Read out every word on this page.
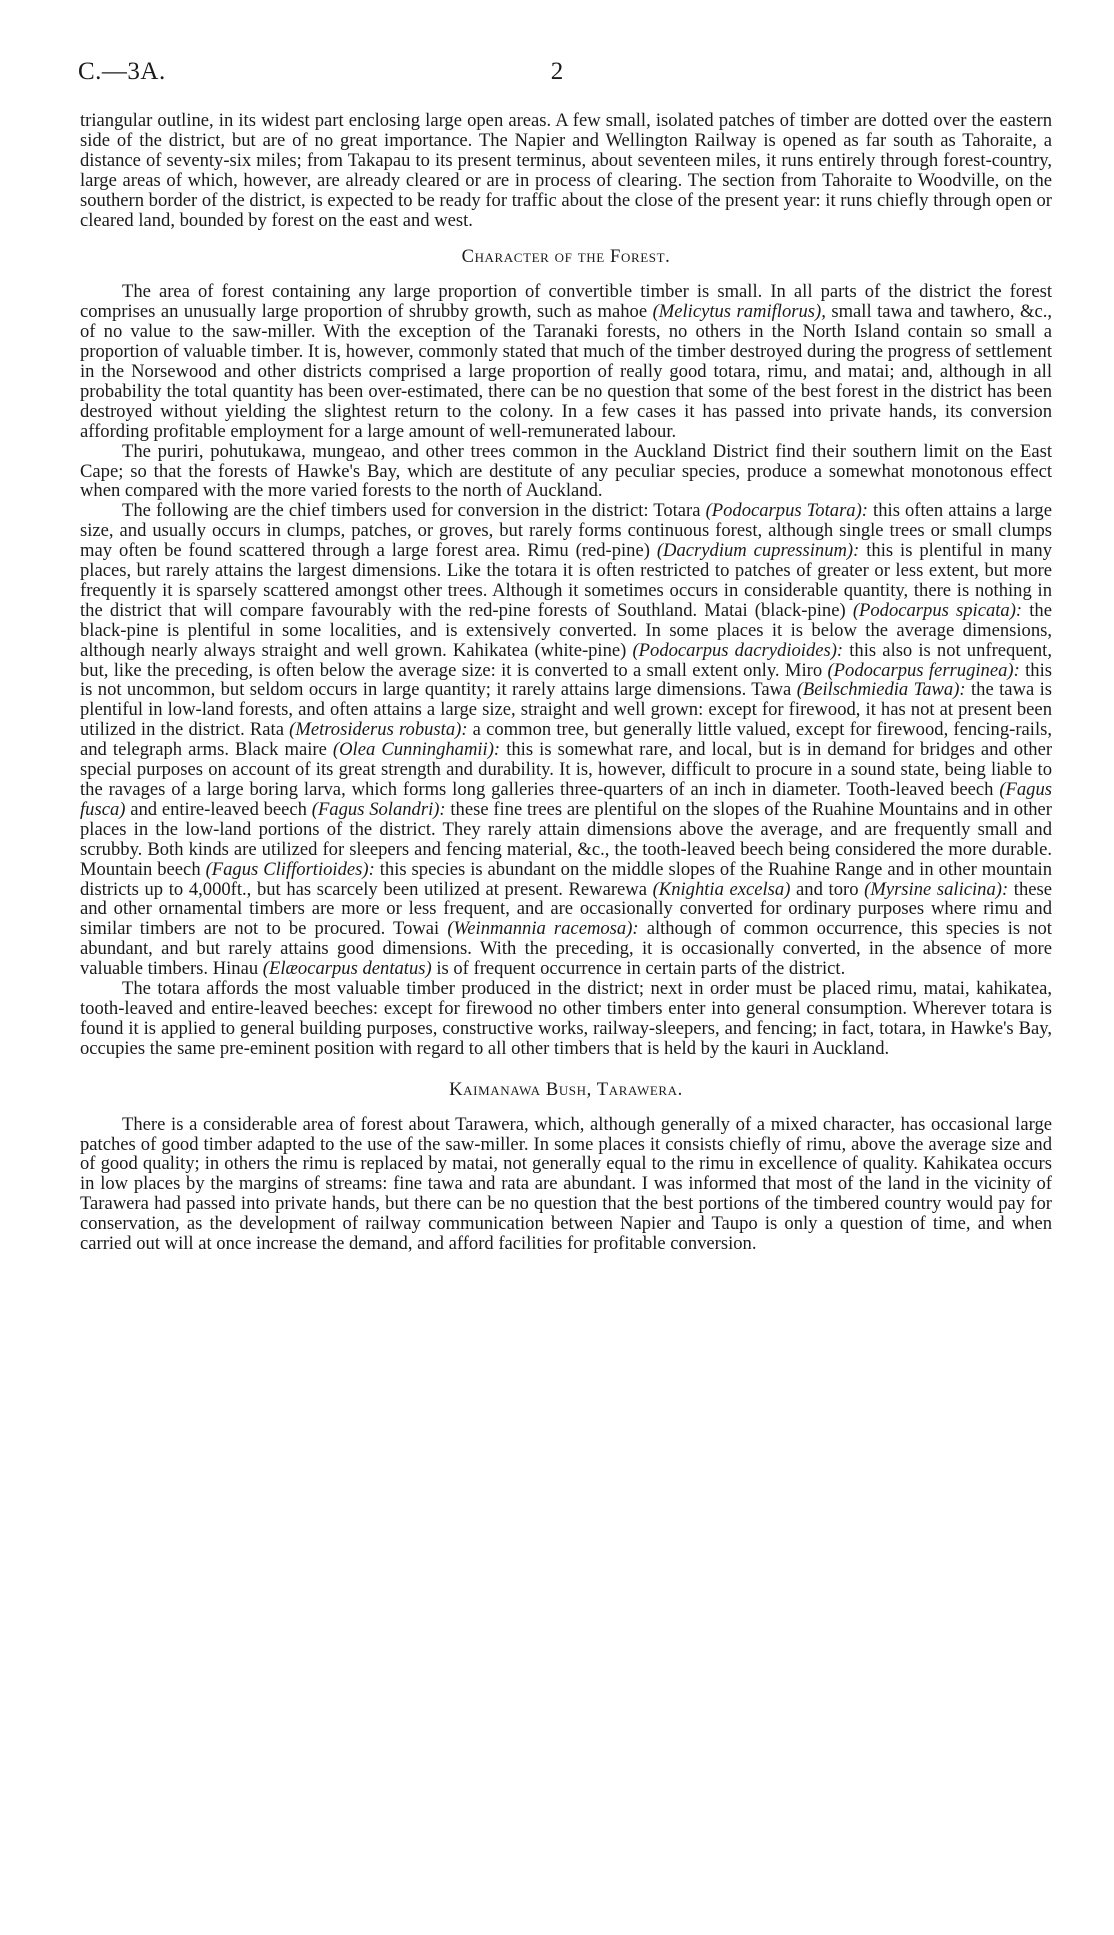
C.—3A.	2

triangular outline, in its widest part enclosing large open areas. A few small, isolated patches of timber are dotted over the eastern side of the district, but are of no great importance. The Napier and Wellington Railway is opened as far south as Tahoraite, a distance of seventy-six miles; from Takapau to its present terminus, about seventeen miles, it runs entirely through forest-country, large areas of which, however, are already cleared or are in process of clearing. The section from Tahoraite to Woodville, on the southern border of the district, is expected to be ready for traffic about the close of the present year: it runs chiefly through open or cleared land, bounded by forest on the east and west.

Character of the Forest.

The area of forest containing any large proportion of convertible timber is small. In all parts of the district the forest comprises an unusually large proportion of shrubby growth, such as mahoe (Melicytus ramiflorus), small tawa and tawhero, &c., of no value to the saw-miller. With the exception of the Taranaki forests, no others in the North Island contain so small a proportion of valuable timber. It is, however, commonly stated that much of the timber destroyed during the progress of settlement in the Norsewood and other districts comprised a large proportion of really good totara, rimu, and matai; and, although in all probability the total quantity has been over-estimated, there can be no question that some of the best forest in the district has been destroyed without yielding the slightest return to the colony. In a few cases it has passed into private hands, its conversion affording profitable employment for a large amount of well-remunerated labour.

The puriri, pohutukawa, mungeao, and other trees common in the Auckland District find their southern limit on the East Cape; so that the forests of Hawke's Bay, which are destitute of any peculiar species, produce a somewhat monotonous effect when compared with the more varied forests to the north of Auckland.

The following are the chief timbers used for conversion in the district: Totara (Podocarpus Totara): this often attains a large size, and usually occurs in clumps, patches, or groves, but rarely forms continuous forest, although single trees or small clumps may often be found scattered through a large forest area. Rimu (red-pine) (Dacrydium cupressinum): this is plentiful in many places, but rarely attains the largest dimensions. Like the totara it is often restricted to patches of greater or less extent, but more frequently it is sparsely scattered amongst other trees. Although it sometimes occurs in considerable quantity, there is nothing in the district that will compare favourably with the red-pine forests of Southland. Matai (black-pine) (Podocarpus spicata): the black-pine is plentiful in some localities, and is extensively converted. In some places it is below the average dimensions, although nearly always straight and well grown. Kahikatea (white-pine) (Podocarpus dacrydioides): this also is not unfrequent, but, like the preceding, is often below the average size: it is converted to a small extent only. Miro (Podocarpus ferruginea): this is not uncommon, but seldom occurs in large quantity; it rarely attains large dimensions. Tawa (Beilschmiedia Tawa): the tawa is plentiful in low-land forests, and often attains a large size, straight and well grown: except for firewood, it has not at present been utilized in the district. Rata (Metrosiderus robusta): a common tree, but generally little valued, except for firewood, fencing-rails, and telegraph arms. Black maire (Olea Cunninghamii): this is somewhat rare, and local, but is in demand for bridges and other special purposes on account of its great strength and durability. It is, however, difficult to procure in a sound state, being liable to the ravages of a large boring larva, which forms long galleries three-quarters of an inch in diameter. Tooth-leaved beech (Fagus fusca) and entire-leaved beech (Fagus Solandri): these fine trees are plentiful on the slopes of the Ruahine Mountains and in other places in the low-land portions of the district. They rarely attain dimensions above the average, and are frequently small and scrubby. Both kinds are utilized for sleepers and fencing material, &c., the tooth-leaved beech being considered the more durable. Mountain beech (Fagus Cliffortioides): this species is abundant on the middle slopes of the Ruahine Range and in other mountain districts up to 4,000ft., but has scarcely been utilized at present. Rewarewa (Knightia excelsa) and toro (Myrsine salicina): these and other ornamental timbers are more or less frequent, and are occasionally converted for ordinary purposes where rimu and similar timbers are not to be procured. Towai (Weinmannia racemosa): although of common occurrence, this species is not abundant, and but rarely attains good dimensions. With the preceding, it is occasionally converted, in the absence of more valuable timbers. Hinau (Elæocarpus dentatus) is of frequent occurrence in certain parts of the district.

The totara affords the most valuable timber produced in the district; next in order must be placed rimu, matai, kahikatea, tooth-leaved and entire-leaved beeches: except for firewood no other timbers enter into general consumption. Wherever totara is found it is applied to general building purposes, constructive works, railway-sleepers, and fencing; in fact, totara, in Hawke's Bay, occupies the same pre-eminent position with regard to all other timbers that is held by the kauri in Auckland.

Kaimanawa Bush, Tarawera.

There is a considerable area of forest about Tarawera, which, although generally of a mixed character, has occasional large patches of good timber adapted to the use of the saw-miller. In some places it consists chiefly of rimu, above the average size and of good quality; in others the rimu is replaced by matai, not generally equal to the rimu in excellence of quality. Kahikatea occurs in low places by the margins of streams: fine tawa and rata are abundant. I was informed that most of the land in the vicinity of Tarawera had passed into private hands, but there can be no question that the best portions of the timbered country would pay for conservation, as the development of railway communication between Napier and Taupo is only a question of time, and when carried out will at once increase the demand, and afford facilities for profitable conversion.
